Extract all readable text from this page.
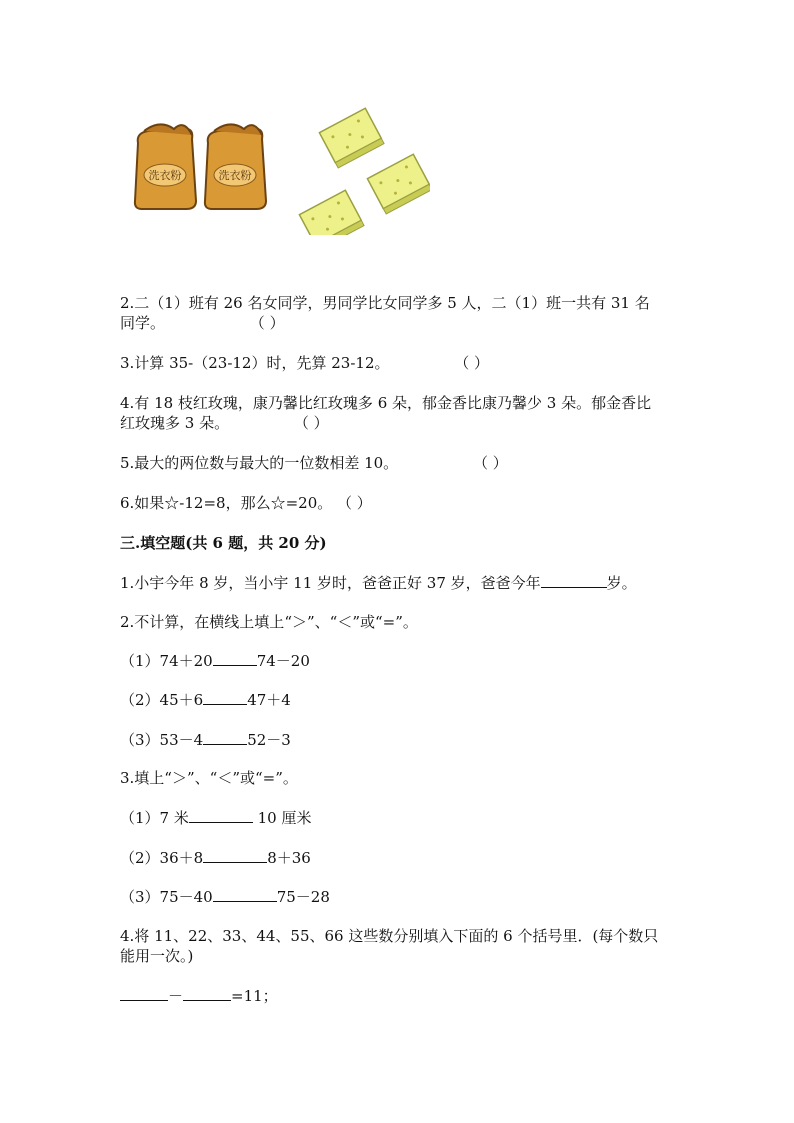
洗衣粉	洗衣粉
2.二（1）班有 26 名女同学，男同学比女同学多 5 人，二（1）班一共有 31 名
同学。	（ ）
3.计算 35-（23-12）时，先算 23-12。	（ ）
4.有 18 枝红玫瑰，康乃馨比红玫瑰多 6 朵，郁金香比康乃馨少 3 朵。郁金香比
红玫瑰多 3 朵。	（ ）
5.最大的两位数与最大的一位数相差 10。	（ ）
6.如果☆-12=8，那么☆=20。 （ ）
三.填空题(共 6 题，共 20 分)
1.小宇今年 8 岁，当小宇 11 岁时，爸爸正好 37 岁，爸爸今年	岁。
2.不计算，在横线上填上“＞”、“＜”或“=”。
（1）74＋20	74－20
（2）45＋6	47＋4
（3）53－4	52－3
3.填上“＞”、“＜”或“=”。
（1）7 米	10 厘米
（2）36＋8	8＋36
（3）75－40	75－28
4.将 11、22、33、44、55、66 这些数分别填入下面的 6 个括号里．(每个数只
能用一次。)
－	=11；
